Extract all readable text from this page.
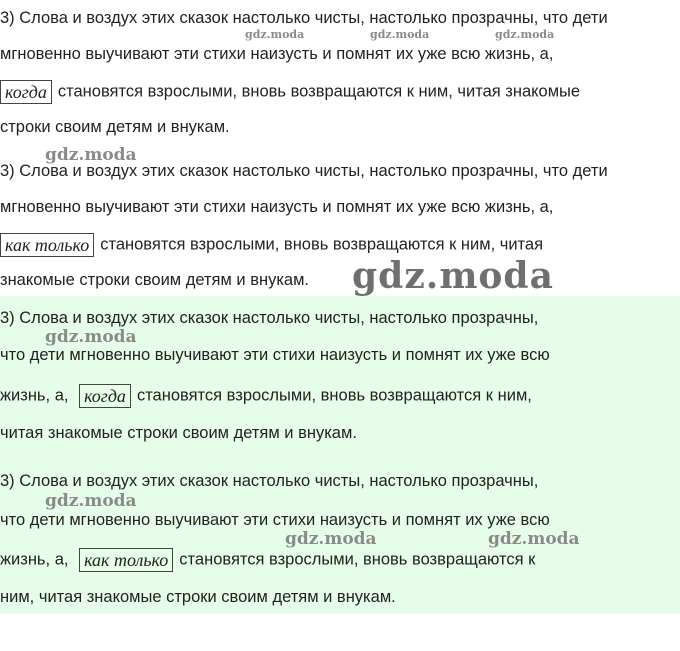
3) Слова и воздух этих сказок настолько чисты, настолько прозрачны, что дети
мгновенно выучивают эти стихи наизусть и помнят их уже всю жизнь, а,
когда становятся взрослыми, вновь возвращаются к ним, читая знакомые
строки своим детям и внукам.
3) Слова и воздух этих сказок настолько чисты, настолько прозрачны, что дети
мгновенно выучивают эти стихи наизусть и помнят их уже всю жизнь, а,
как только становятся взрослыми, вновь возвращаются к ним, читая
знакомые строки своим детям и внукам.
3) Слова и воздух этих сказок настолько чисты, настолько прозрачны,
что дети мгновенно выучивают эти стихи наизусть и помнят их уже всю
жизнь, а, когда становятся взрослыми, вновь возвращаются к ним,
читая знакомые строки своим детям и внукам.
3) Слова и воздух этих сказок настолько чисты, настолько прозрачны,
что дети мгновенно выучивают эти стихи наизусть и помнят их уже всю
жизнь, а, как только становятся взрослыми, вновь возвращаются к
ним, читая знакомые строки своим детям и внукам.
gdz.moda	gdz.moda	gdz.moda
gdz.moda
gdz.moda
gdz.moda
gdz.moda
gdz.moda	gdz.moda
